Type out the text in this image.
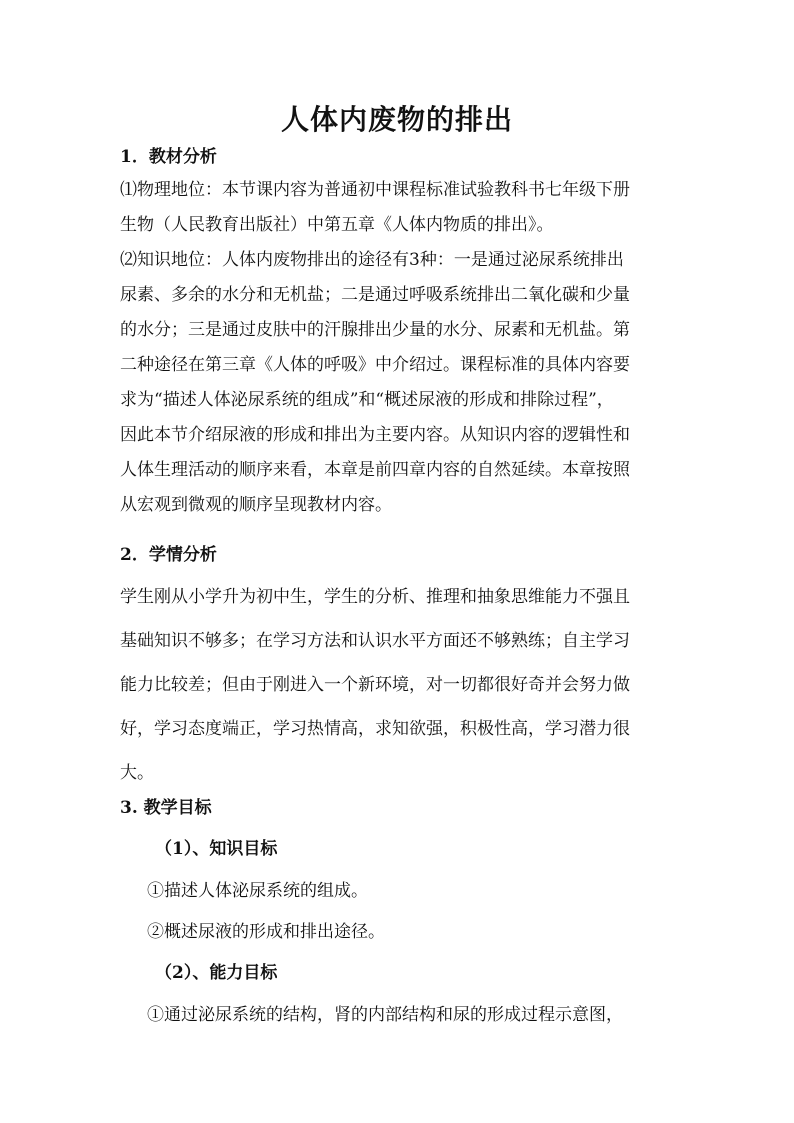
人体内废物的排出
1．教材分析
⑴物理地位：本节课内容为普通初中课程标准试验教科书七年级下册
生物（人民教育出版社）中第五章《人体内物质的排出》。
⑵知识地位：人体内废物排出的途径有3种：一是通过泌尿系统排出
尿素、多余的水分和无机盐；二是通过呼吸系统排出二氧化碳和少量
的水分；三是通过皮肤中的汗腺排出少量的水分、尿素和无机盐。第
二种途径在第三章《人体的呼吸》中介绍过。课程标准的具体内容要
求为“描述人体泌尿系统的组成”和“概述尿液的形成和排除过程”，
因此本节介绍尿液的形成和排出为主要内容。从知识内容的逻辑性和
人体生理活动的顺序来看，本章是前四章内容的自然延续。本章按照
从宏观到微观的顺序呈现教材内容。
2．学情分析
学生刚从小学升为初中生，学生的分析、推理和抽象思维能力不强且
基础知识不够多；在学习方法和认识水平方面还不够熟练；自主学习
能力比较差；但由于刚进入一个新环境，对一切都很好奇并会努力做
好，学习态度端正，学习热情高，求知欲强，积极性高，学习潜力很
大。
3. 教学目标
（1）、知识目标
①描述人体泌尿系统的组成。
②概述尿液的形成和排出途径。
（2）、能力目标
①通过泌尿系统的结构，肾的内部结构和尿的形成过程示意图，
